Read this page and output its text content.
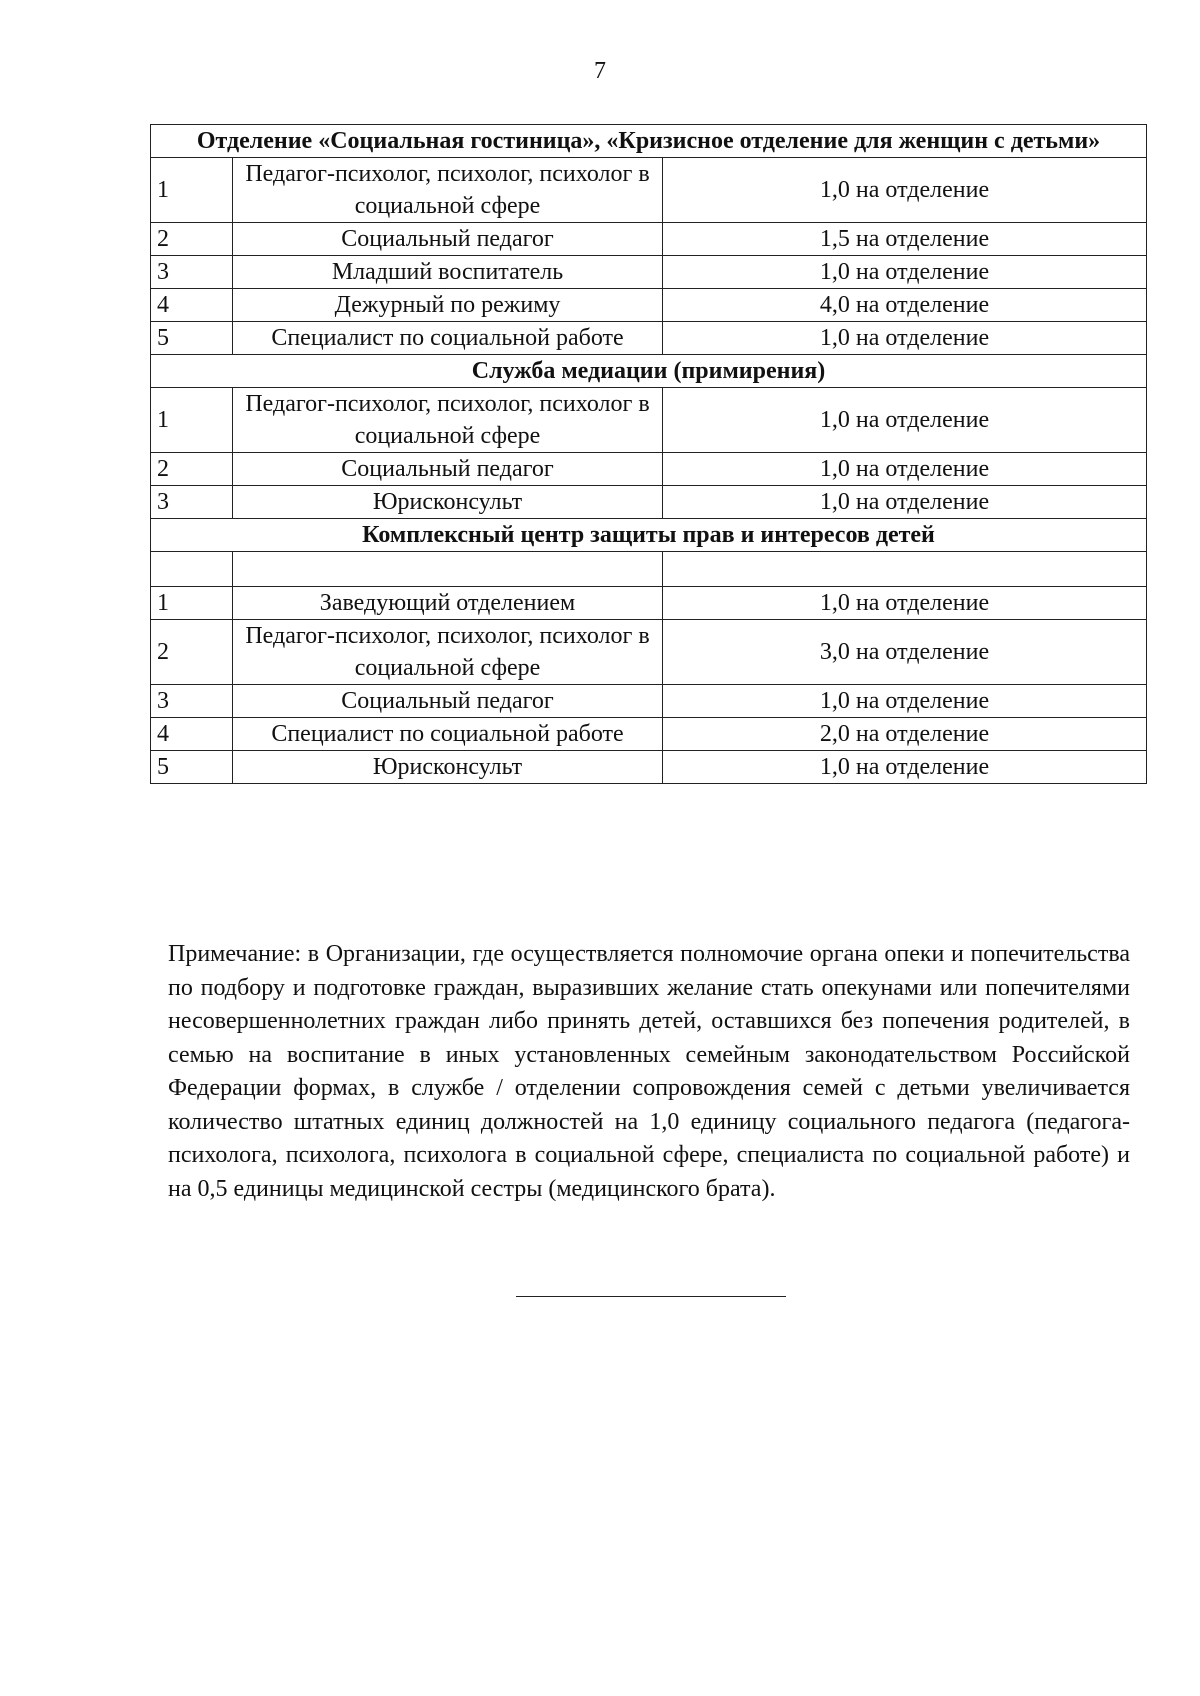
7
Отделение «Социальная гостиница», «Кризисное отделение для женщин с детьми»		
1	Педагог-психолог, психолог, психолог в социальной сфере	1,0 на отделение
2	Социальный педагог	1,5 на отделение
3	Младший воспитатель	1,0 на отделение
4	Дежурный по режиму	4,0 на отделение
5	Специалист по социальной работе	1,0 на отделение
Служба медиации (примирения)		
1	Педагог-психолог, психолог, психолог в социальной сфере	1,0 на отделение
2	Социальный педагог	1,0 на отделение
3	Юрисконсульт	1,0 на отделение
Комплексный центр защиты прав и интересов детей		

1	Заведующий отделением	1,0 на отделение
2	Педагог-психолог, психолог, психолог в социальной сфере	3,0 на отделение
3	Социальный педагог	1,0 на отделение
4	Специалист по социальной работе	2,0 на отделение
5	Юрисконсульт	1,0 на отделение
Примечание: в Организации, где осуществляется полномочие органа опеки и попечительства по подбору и подготовке граждан, выразивших желание стать опекунами или попечителями несовершеннолетних граждан либо принять детей, оставшихся без попечения родителей, в семью на воспитание в иных установленных семейным законодательством Российской Федерации формах, в службе / отделении сопровождения семей с детьми увеличивается количество штатных единиц должностей на 1,0 единицу социального педагога (педагога-психолога, психолога, психолога в социальной сфере, специалиста по социальной работе) и на 0,5 единицы медицинской сестры (медицинского брата).
